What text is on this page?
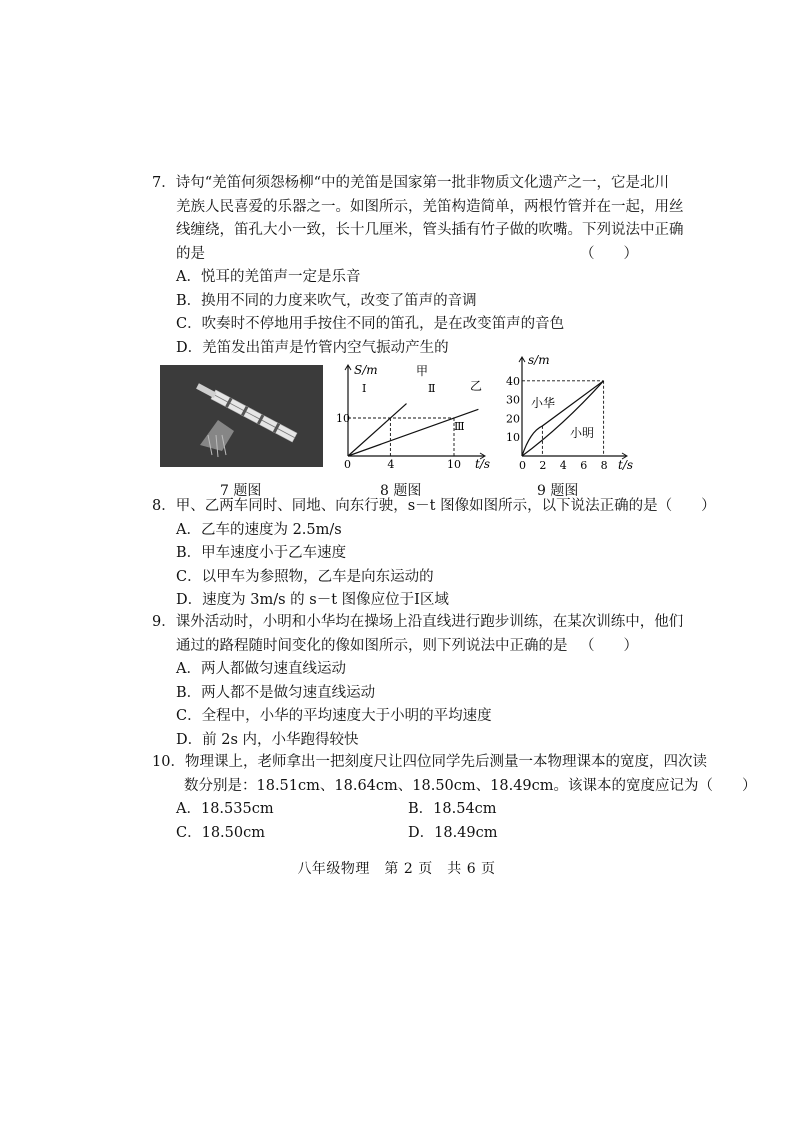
7．诗句“羌笛何须怨杨柳“中的羌笛是国家第一批非物质文化遗产之一，它是北川
羌族人民喜爱的乐器之一。如图所示，羌笛构造简单，两根竹管并在一起，用丝
线缠绕，笛孔大小一致，长十几厘米，管头插有竹子做的吹嘴。下列说法中正确
的是	（　　）
A．悦耳的羌笛声一定是乐音
B．换用不同的力度来吹气，改变了笛声的音调
C．吹奏时不停地用手按住不同的笛孔，是在改变笛声的音色
D．羌笛发出笛声是竹管内空气振动产生的
S/m
t/s
甲
乙
Ⅰ	Ⅱ
Ⅲ
10
0	4	10
s/m
t/s
小华
小明
10
20
30
40
0 2 4 6 8
7 题图	8 题图	9 题图
8．甲、乙两车同时、同地、向东行驶，s－t 图像如图所示，以下说法正确的是（　　）
A．乙车的速度为 2.5m/s
B．甲车速度小于乙车速度
C．以甲车为参照物，乙车是向东运动的
D．速度为 3m/s 的 s－t 图像应位于Ⅰ区域
9．课外活动时，小明和小华均在操场上沿直线进行跑步训练，在某次训练中，他们
通过的路程随时间变化的像如图所示，则下列说法中正确的是 （　　）
A．两人都做匀速直线运动
B．两人都不是做匀速直线运动
C．全程中，小华的平均速度大于小明的平均速度
D．前 2s 内，小华跑得较快
10．物理课上，老师拿出一把刻度尺让四位同学先后测量一本物理课本的宽度，四次读
数分别是：18.51cm、18.64cm、18.50cm、18.49cm。该课本的宽度应记为（　　）
A．18.535cm	B．18.54cm
C．18.50cm	D．18.49cm
八年级物理　第 2 页　共 6 页
